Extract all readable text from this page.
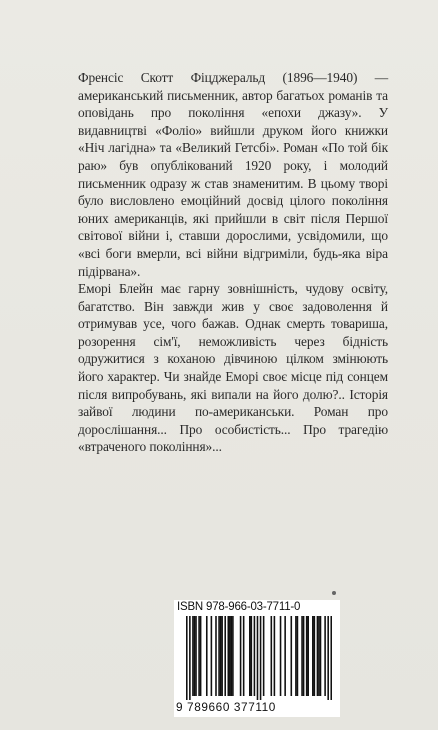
Френсіс Скотт Фіцджеральд (1896—1940) — американський письменник, автор багатьох романів та оповідань про покоління «епохи джазу». У видавництві «Фоліо» вийшли друком його книжки «Ніч лагідна» та «Великий Гетсбі». Роман «По той бік раю» був опублікований 1920 року, і молодий письменник одразу ж став знаменитим. В цьому творі було висловлено емоційний досвід цілого покоління юних американців, які прийшли в світ після Першої світової війни і, ставши дорослими, усвідомили, що «всі боги вмерли, всі війни відгриміли, будь-яка віра підірвана».

Еморі Блейн має гарну зовнішність, чудову освіту, багатство. Він завжди жив у своє задоволення й отримував усе, чого бажав. Однак смерть товариша, розорення сім'ї, неможливість через бідність одружитися з коханою дівчиною цілком змінюють його характер. Чи знайде Еморі своє місце під сонцем після випробувань, які випали на його долю?.. Історія зайвої людини по-американськи. Роман про дорослішання... Про особистість... Про трагедію «втраченого покоління»...

ISBN 978-966-03-7711-0
9 789660 377110
